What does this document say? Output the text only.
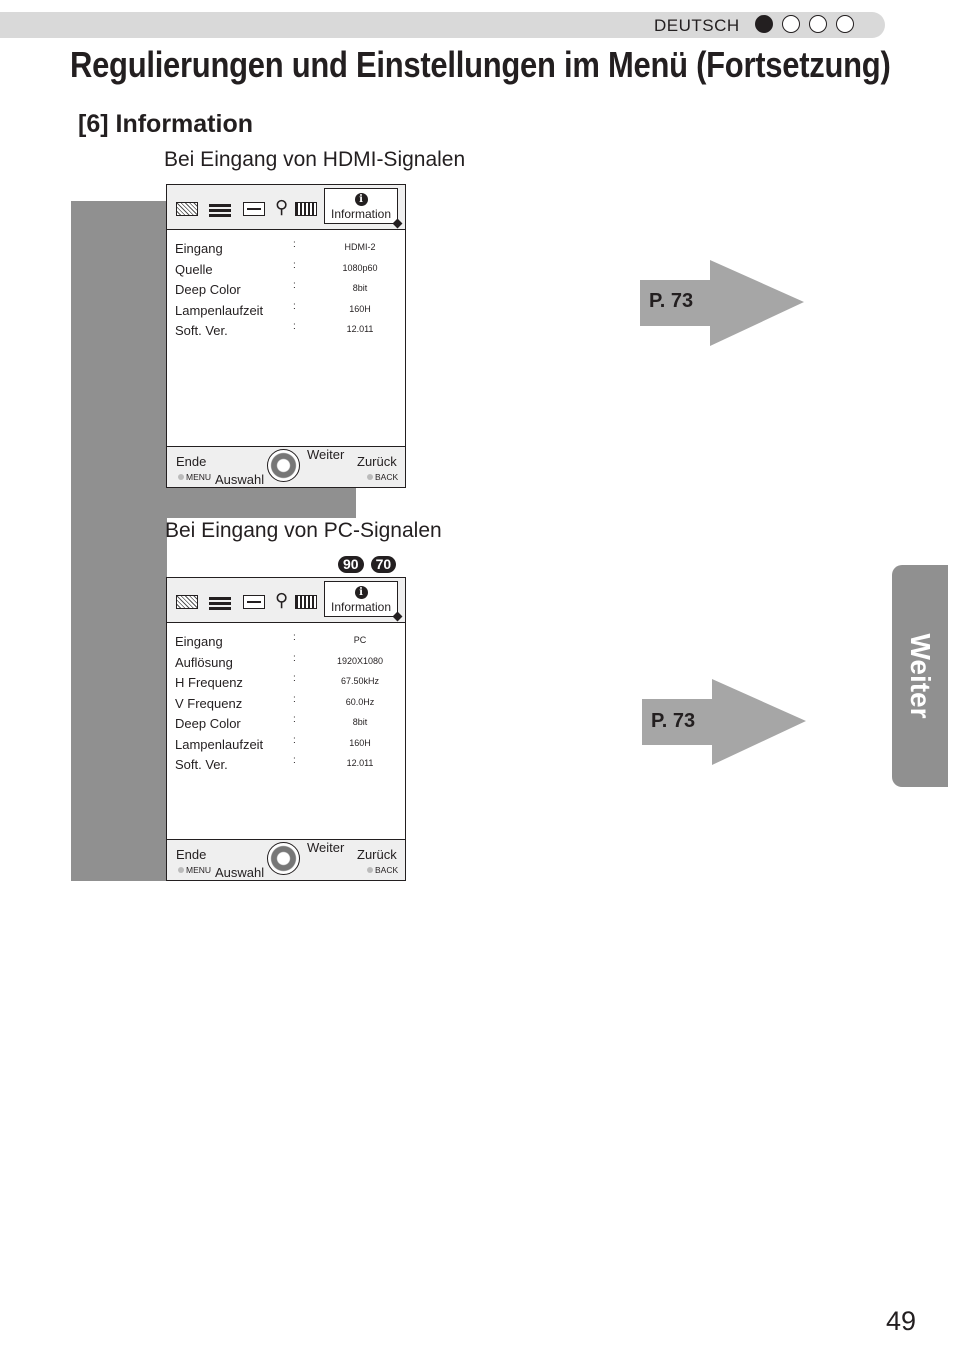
DEUTSCH
Regulierungen und Einstellungen im Menü (Fortsetzung)
[6] Information
Bei Eingang von HDMI-Signalen
⚲	i
Information
Eingang	:	HDMI-2
Quelle	:	1080p60
Deep Color	:	8bit
Lampenlaufzeit	:	160H
Soft. Ver.	:	12.011
Ende
MENU Auswahl
Weiter Zurück
BACK
Bei Eingang von PC-Signalen
90	70
⚲	i
Information
Eingang	:	PC
Auflösung	:	1920X1080
H Frequenz	:	67.50kHz
V Frequenz	:	60.0Hz
Deep Color	:	8bit
Lampenlaufzeit	:	160H
Soft. Ver.	:	12.011
Ende
MENU Auswahl
Weiter Zurück
BACK
P. 73
P. 73
Weiter
49
